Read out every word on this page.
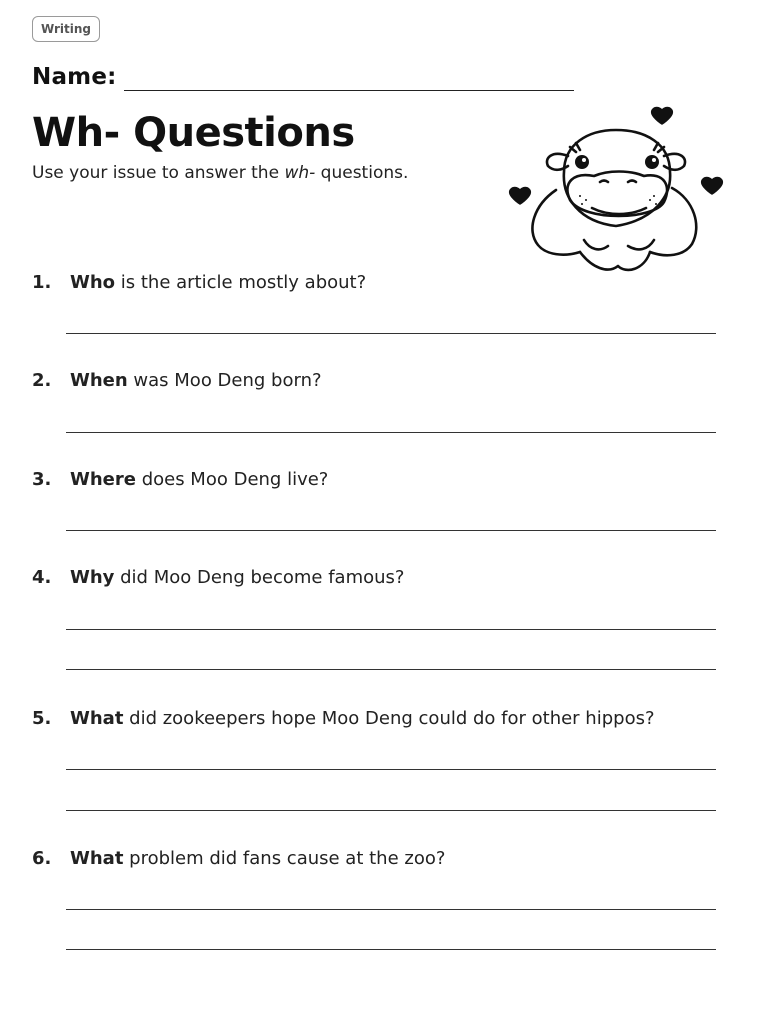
Writing
Name:
Wh- Questions
Use your issue to answer the wh- questions.
1. Who is the article mostly about?
2. When was Moo Deng born?
3. Where does Moo Deng live?
4. Why did Moo Deng become famous?
5. What did zookeepers hope Moo Deng could do for other hippos?
6. What problem did fans cause at the zoo?
